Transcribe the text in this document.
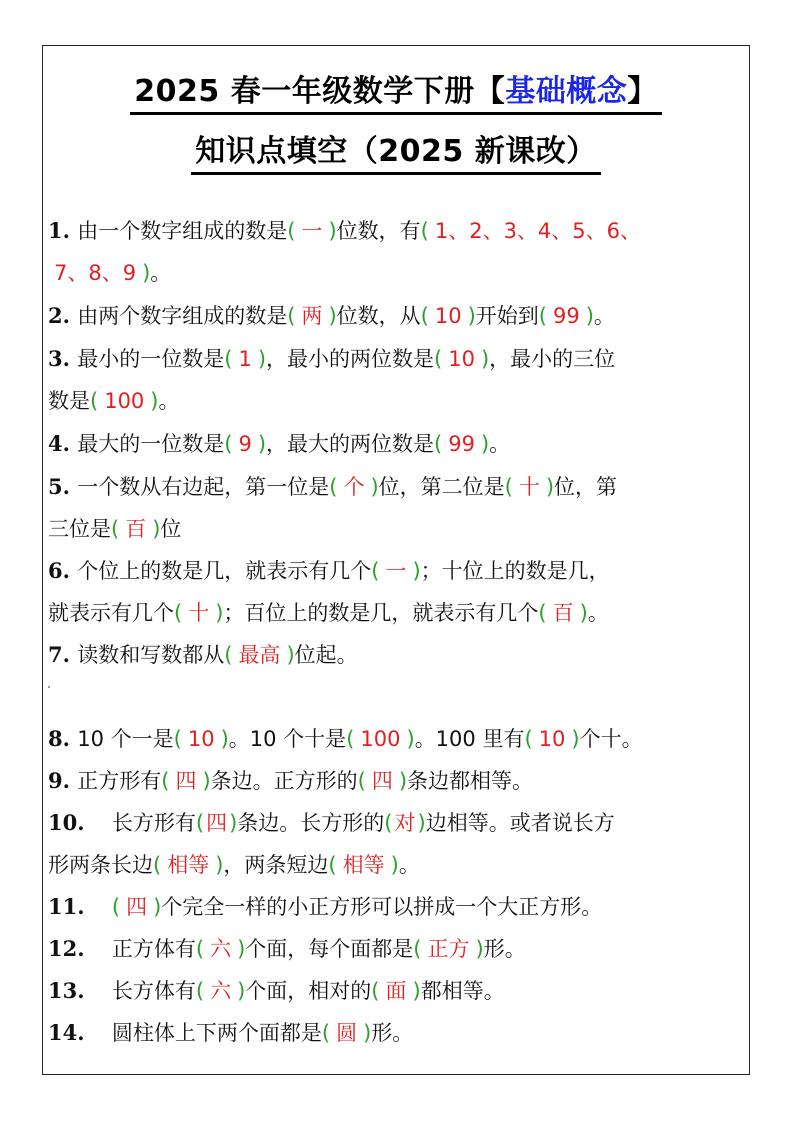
2025 春一年级数学下册【基础概念】
知识点填空（2025 新课改）
1. 由一个数字组成的数是( 一 )位数，有( 1、2、3、4、5、6、
7、8、9 )。
2. 由两个数字组成的数是( 两 )位数，从( 10 )开始到( 99 )。
3. 最小的一位数是( 1 )，最小的两位数是( 10 )，最小的三位
数是( 100 )。
4. 最大的一位数是( 9 )，最大的两位数是( 99 )。
5. 一个数从右边起，第一位是( 个 )位，第二位是( 十 )位，第
三位是( 百 )位
6. 个位上的数是几，就表示有几个( 一 )；十位上的数是几，
就表示有几个( 十 )；百位上的数是几，就表示有几个( 百 )。
7. 读数和写数都从( 最高 )位起。
8. 10 个一是( 10 )。10 个十是( 100 )。100 里有( 10 )个十。
9. 正方形有( 四 )条边。正方形的( 四 )条边都相等。
10.    长方形有(四)条边。长方形的(对)边相等。或者说长方
形两条长边( 相等 )，两条短边( 相等 )。
11.    ( 四 )个完全一样的小正方形可以拼成一个大正方形。
12.    正方体有( 六 )个面，每个面都是( 正方 )形。
13.    长方体有( 六 )个面，相对的( 面 )都相等。
14.    圆柱体上下两个面都是( 圆 )形。
